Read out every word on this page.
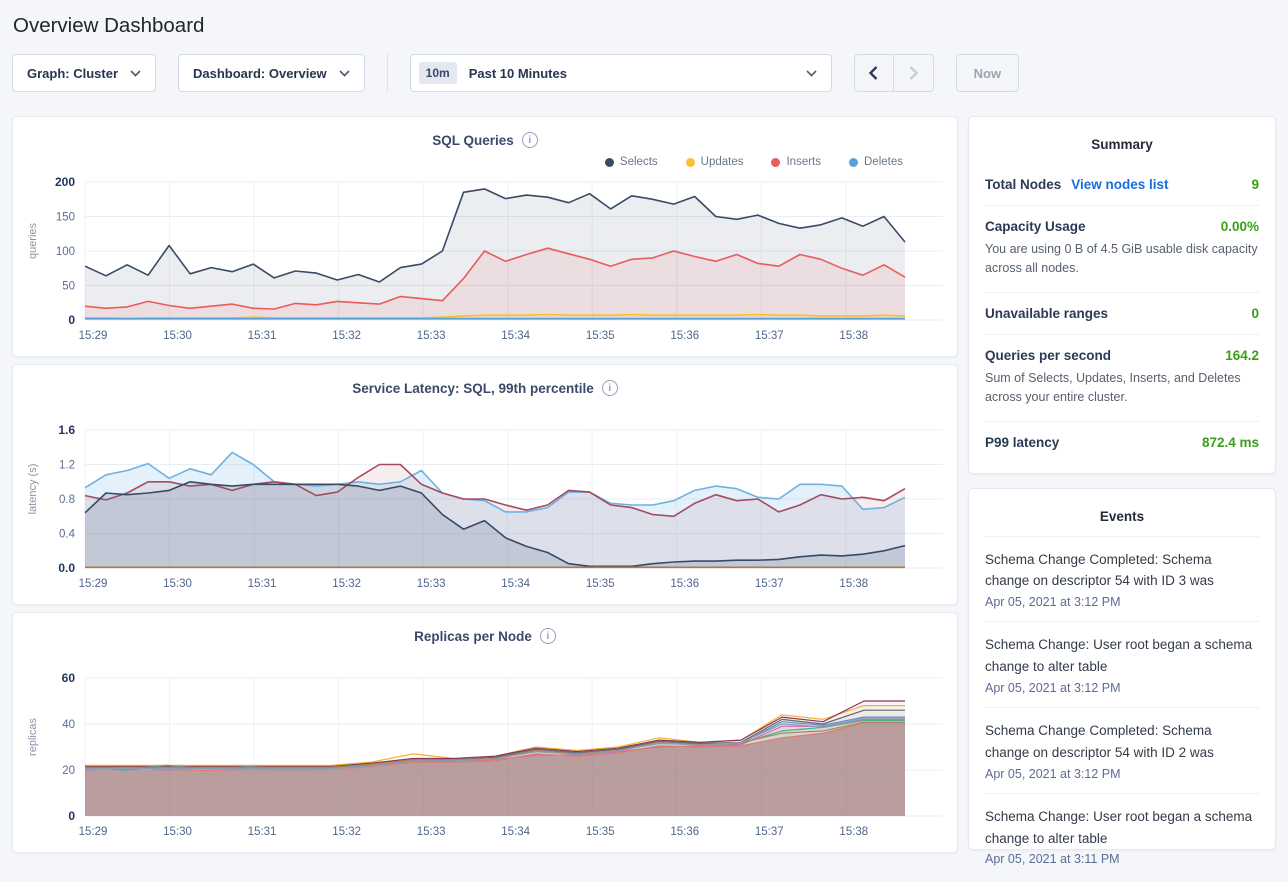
Overview Dashboard
Graph: Cluster	Dashboard: Overview	10m	Past 10 Minutes	Now
SQL Queries	i
Selects	Updates	Inserts	Deletes
15:29	15:30	15:31	15:32	15:33	15:34	15:35	15:36	15:37	15:38
0
50
100
150
200
queries
Service Latency: SQL, 99th percentile	i
15:29	15:30	15:31	15:32	15:33	15:34	15:35	15:36	15:37	15:38
0.0
0.4
0.8
1.2
1.6
latency (s)
Replicas per Node	i
15:29	15:30	15:31	15:32	15:33	15:34	15:35	15:36	15:37	15:38
0
20
40
60
replicas
Summary
Total Nodes View nodes list	9
Capacity Usage	0.00%
You are using 0 B of 4.5 GiB usable disk capacity across all nodes.
Unavailable ranges	0
Queries per second	164.2
Sum of Selects, Updates, Inserts, and Deletes across your entire cluster.
P99 latency	872.4 ms
Events
Schema Change Completed: Schema change on descriptor 54 with ID 3 was
Apr 05, 2021 at 3:12 PM
Schema Change: User root began a schema change to alter table
Apr 05, 2021 at 3:12 PM
Schema Change Completed: Schema change on descriptor 54 with ID 2 was
Apr 05, 2021 at 3:12 PM
Schema Change: User root began a schema change to alter table
Apr 05, 2021 at 3:11 PM
